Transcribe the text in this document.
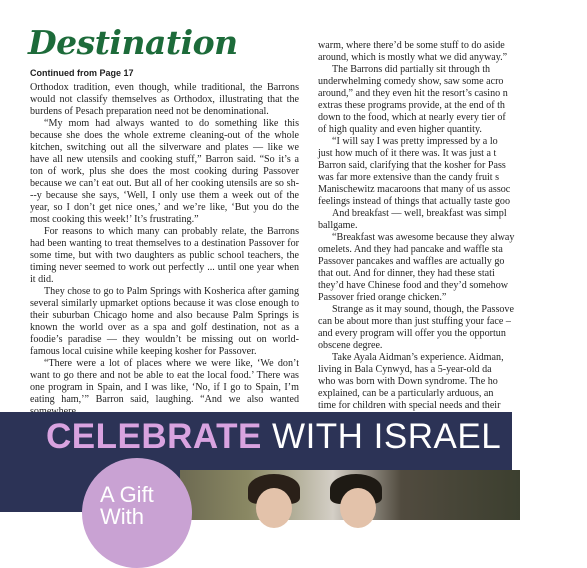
Destination
Continued from Page 17

Orthodox tradition, even though, while traditional, the Barrons would not classify themselves as Orthodox, illustrating that the burdens of Pesach preparation need not be denominational.

“My mom had always wanted to do something like this because she does the whole extreme cleaning-out of the whole kitchen, switching out all the silverware and plates — like we have all new utensils and cooking stuff,” Barron said. “So it’s a ton of work, plus she does the most cooking during Passover because we can’t eat out. But all of her cooking utensils are so sh---y because she says, ‘Well, I only use them a week out of the year, so I don’t get nice ones,’ and we’re like, ‘But you do the most cooking this week!’ It’s frustrating.”

For reasons to which many can probably relate, the Barrons had been wanting to treat themselves to a destination Passover for some time, but with two daughters as public school teachers, the timing never seemed to work out perfectly ... until one year when it did.

They chose to go to Palm Springs with Kosherica after gaming several similarly upmarket options because it was close enough to their suburban Chicago home and also because Palm Springs is known the world over as a spa and golf destination, not as a foodie’s paradise — they wouldn’t be missing out on world-famous local cuisine while keeping kosher for Passover.

“There were a lot of places where we were like, ‘We don’t want to go there and not be able to eat the local food.’ There was one program in Spain, and I was like, ‘No, if I go to Spain, I’m eating ham,’” Barron said, laughing. “And we also wanted

warm, where there’d be some stuff to do aside

around, which is mostly what we did anyway.”

The Barrons did partially sit through th

underwhelming comedy show, saw some acro

around,” and they even hit the resort’s casino n

extras these programs provide, at the end of th

down to the food, which at nearly every tier of

of high quality and even higher quantity.

“I will say I was pretty impressed by a lo

just how much of it there was. It was just a t

Barron said, clarifying that the kosher for Pass

was far more extensive than the candy fruit s

Manischewitz macaroons that many of us assoc

feelings instead of things that actually taste goo

And breakfast — well, breakfast was simpl

ballgame.

“Breakfast was awesome because they alway

omelets. And they had pancake and waffle sta

Passover pancakes and waffles are actually go

that out. And for dinner, they had these stati

they’d have Chinese food and they’d somehow

Passover fried orange chicken.”

Strange as it may sound, though, the Passove

can be about more than just stuffing your face –

and every program will offer you the opportun

obscene degree.

Take Ayala Aidman’s experience. Aidman,

living in Bala Cynwyd, has a 5-year-old da

who was born with Down syndrome. The ho

explained, can be a particularly arduous, an

time for children with special needs and their

CELEBRATE WITH ISRAEL BON
A Gift
With
